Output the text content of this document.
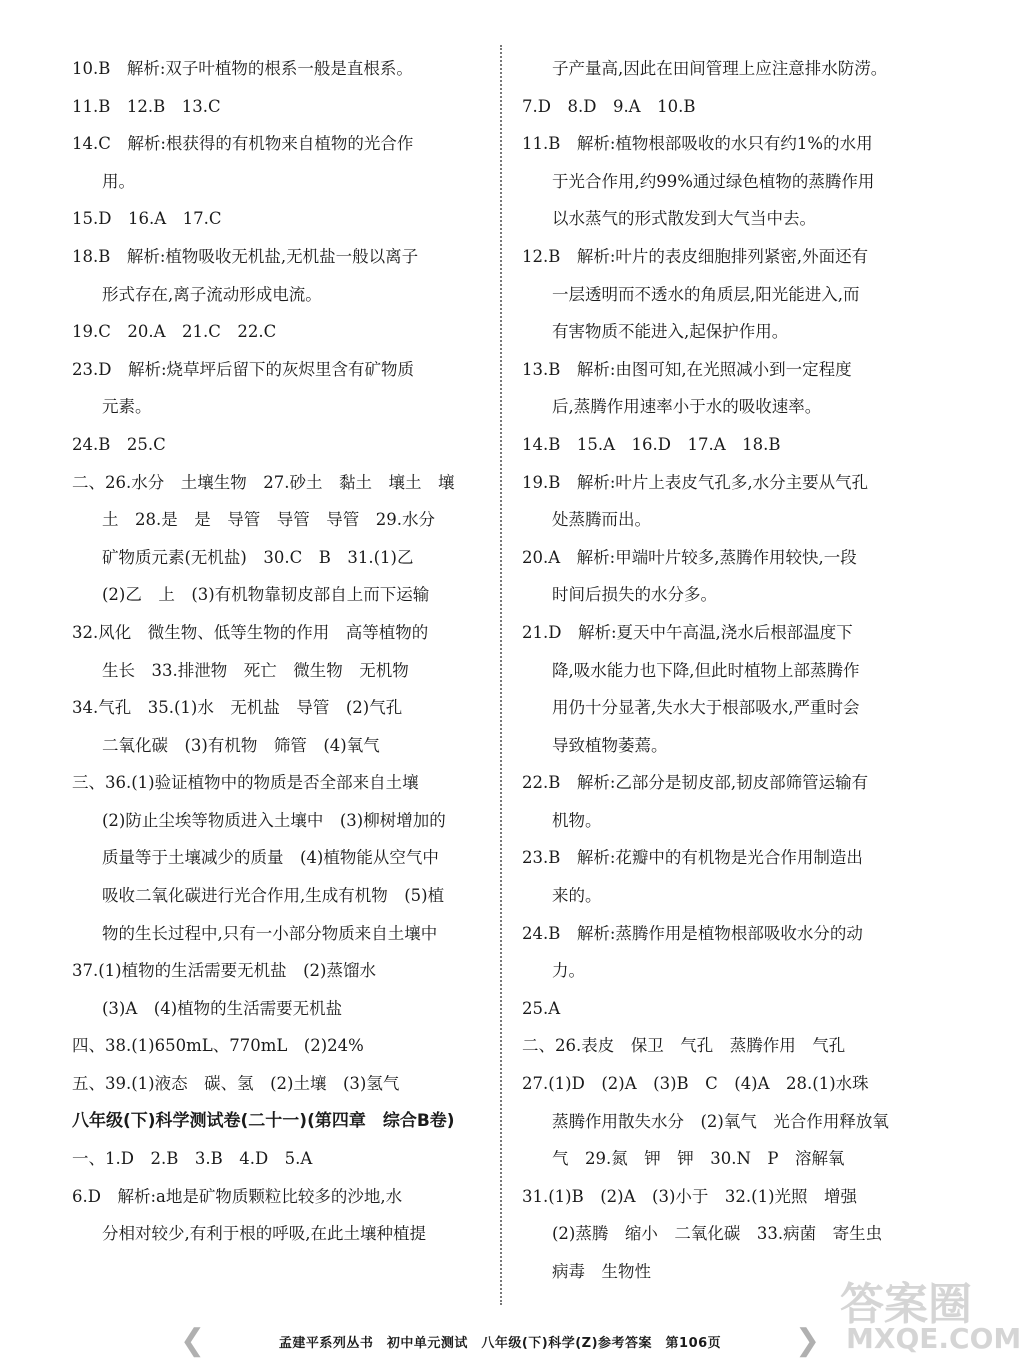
10.B　解析:双子叶植物的根系一般是直根系。
11.B　12.B　13.C
14.C　解析:根获得的有机物来自植物的光合作
用。
15.D　16.A　17.C
18.B　解析:植物吸收无机盐,无机盐一般以离子
形式存在,离子流动形成电流。
19.C　20.A　21.C　22.C
23.D　解析:烧草坪后留下的灰烬里含有矿物质
元素。
24.B　25.C
二、26.水分　土壤生物　27.砂土　黏土　壤土　壤
土　28.是　是　导管　导管　导管　29.水分
矿物质元素(无机盐)　30.C　B　31.(1)乙
(2)乙　上　(3)有机物靠韧皮部自上而下运输
32.风化　微生物、低等生物的作用　高等植物的
生长　33.排泄物　死亡　微生物　无机物
34.气孔　35.(1)水　无机盐　导管　(2)气孔
二氧化碳　(3)有机物　筛管　(4)氧气
三、36.(1)验证植物中的物质是否全部来自土壤
(2)防止尘埃等物质进入土壤中　(3)柳树增加的
质量等于土壤减少的质量　(4)植物能从空气中
吸收二氧化碳进行光合作用,生成有机物　(5)植
物的生长过程中,只有一小部分物质来自土壤中
37.(1)植物的生活需要无机盐　(2)蒸馏水
(3)A　(4)植物的生活需要无机盐
四、38.(1)650mL、770mL　(2)24%
五、39.(1)液态　碳、氢　(2)土壤　(3)氢气
八年级(下)科学测试卷(二十一)(第四章　综合B卷)
一、1.D　2.B　3.B　4.D　5.A
6.D　解析:a地是矿物质颗粒比较多的沙地,水
分相对较少,有利于根的呼吸,在此土壤种植提
子产量高,因此在田间管理上应注意排水防涝。
7.D　8.D　9.A　10.B
11.B　解析:植物根部吸收的水只有约1%的水用
于光合作用,约99%通过绿色植物的蒸腾作用
以水蒸气的形式散发到大气当中去。
12.B　解析:叶片的表皮细胞排列紧密,外面还有
一层透明而不透水的角质层,阳光能进入,而
有害物质不能进入,起保护作用。
13.B　解析:由图可知,在光照减小到一定程度
后,蒸腾作用速率小于水的吸收速率。
14.B　15.A　16.D　17.A　18.B
19.B　解析:叶片上表皮气孔多,水分主要从气孔
处蒸腾而出。
20.A　解析:甲端叶片较多,蒸腾作用较快,一段
时间后损失的水分多。
21.D　解析:夏天中午高温,浇水后根部温度下
降,吸水能力也下降,但此时植物上部蒸腾作
用仍十分显著,失水大于根部吸水,严重时会
导致植物萎蔫。
22.B　解析:乙部分是韧皮部,韧皮部筛管运输有
机物。
23.B　解析:花瓣中的有机物是光合作用制造出
来的。
24.B　解析:蒸腾作用是植物根部吸收水分的动
力。
25.A
二、26.表皮　保卫　气孔　蒸腾作用　气孔
27.(1)D　(2)A　(3)B　C　(4)A　28.(1)水珠
蒸腾作用散失水分　(2)氧气　光合作用释放氧
气　29.氮　钾　钾　30.N　P　溶解氧
31.(1)B　(2)A　(3)小于　32.(1)光照　增强
(2)蒸腾　缩小　二氧化碳　33.病菌　寄生虫
病毒　生物性
❮	孟建平系列丛书　初中单元测试　八年级(下)科学(Z)参考答案　第106页	❯
答案圈
MXQE.COM
